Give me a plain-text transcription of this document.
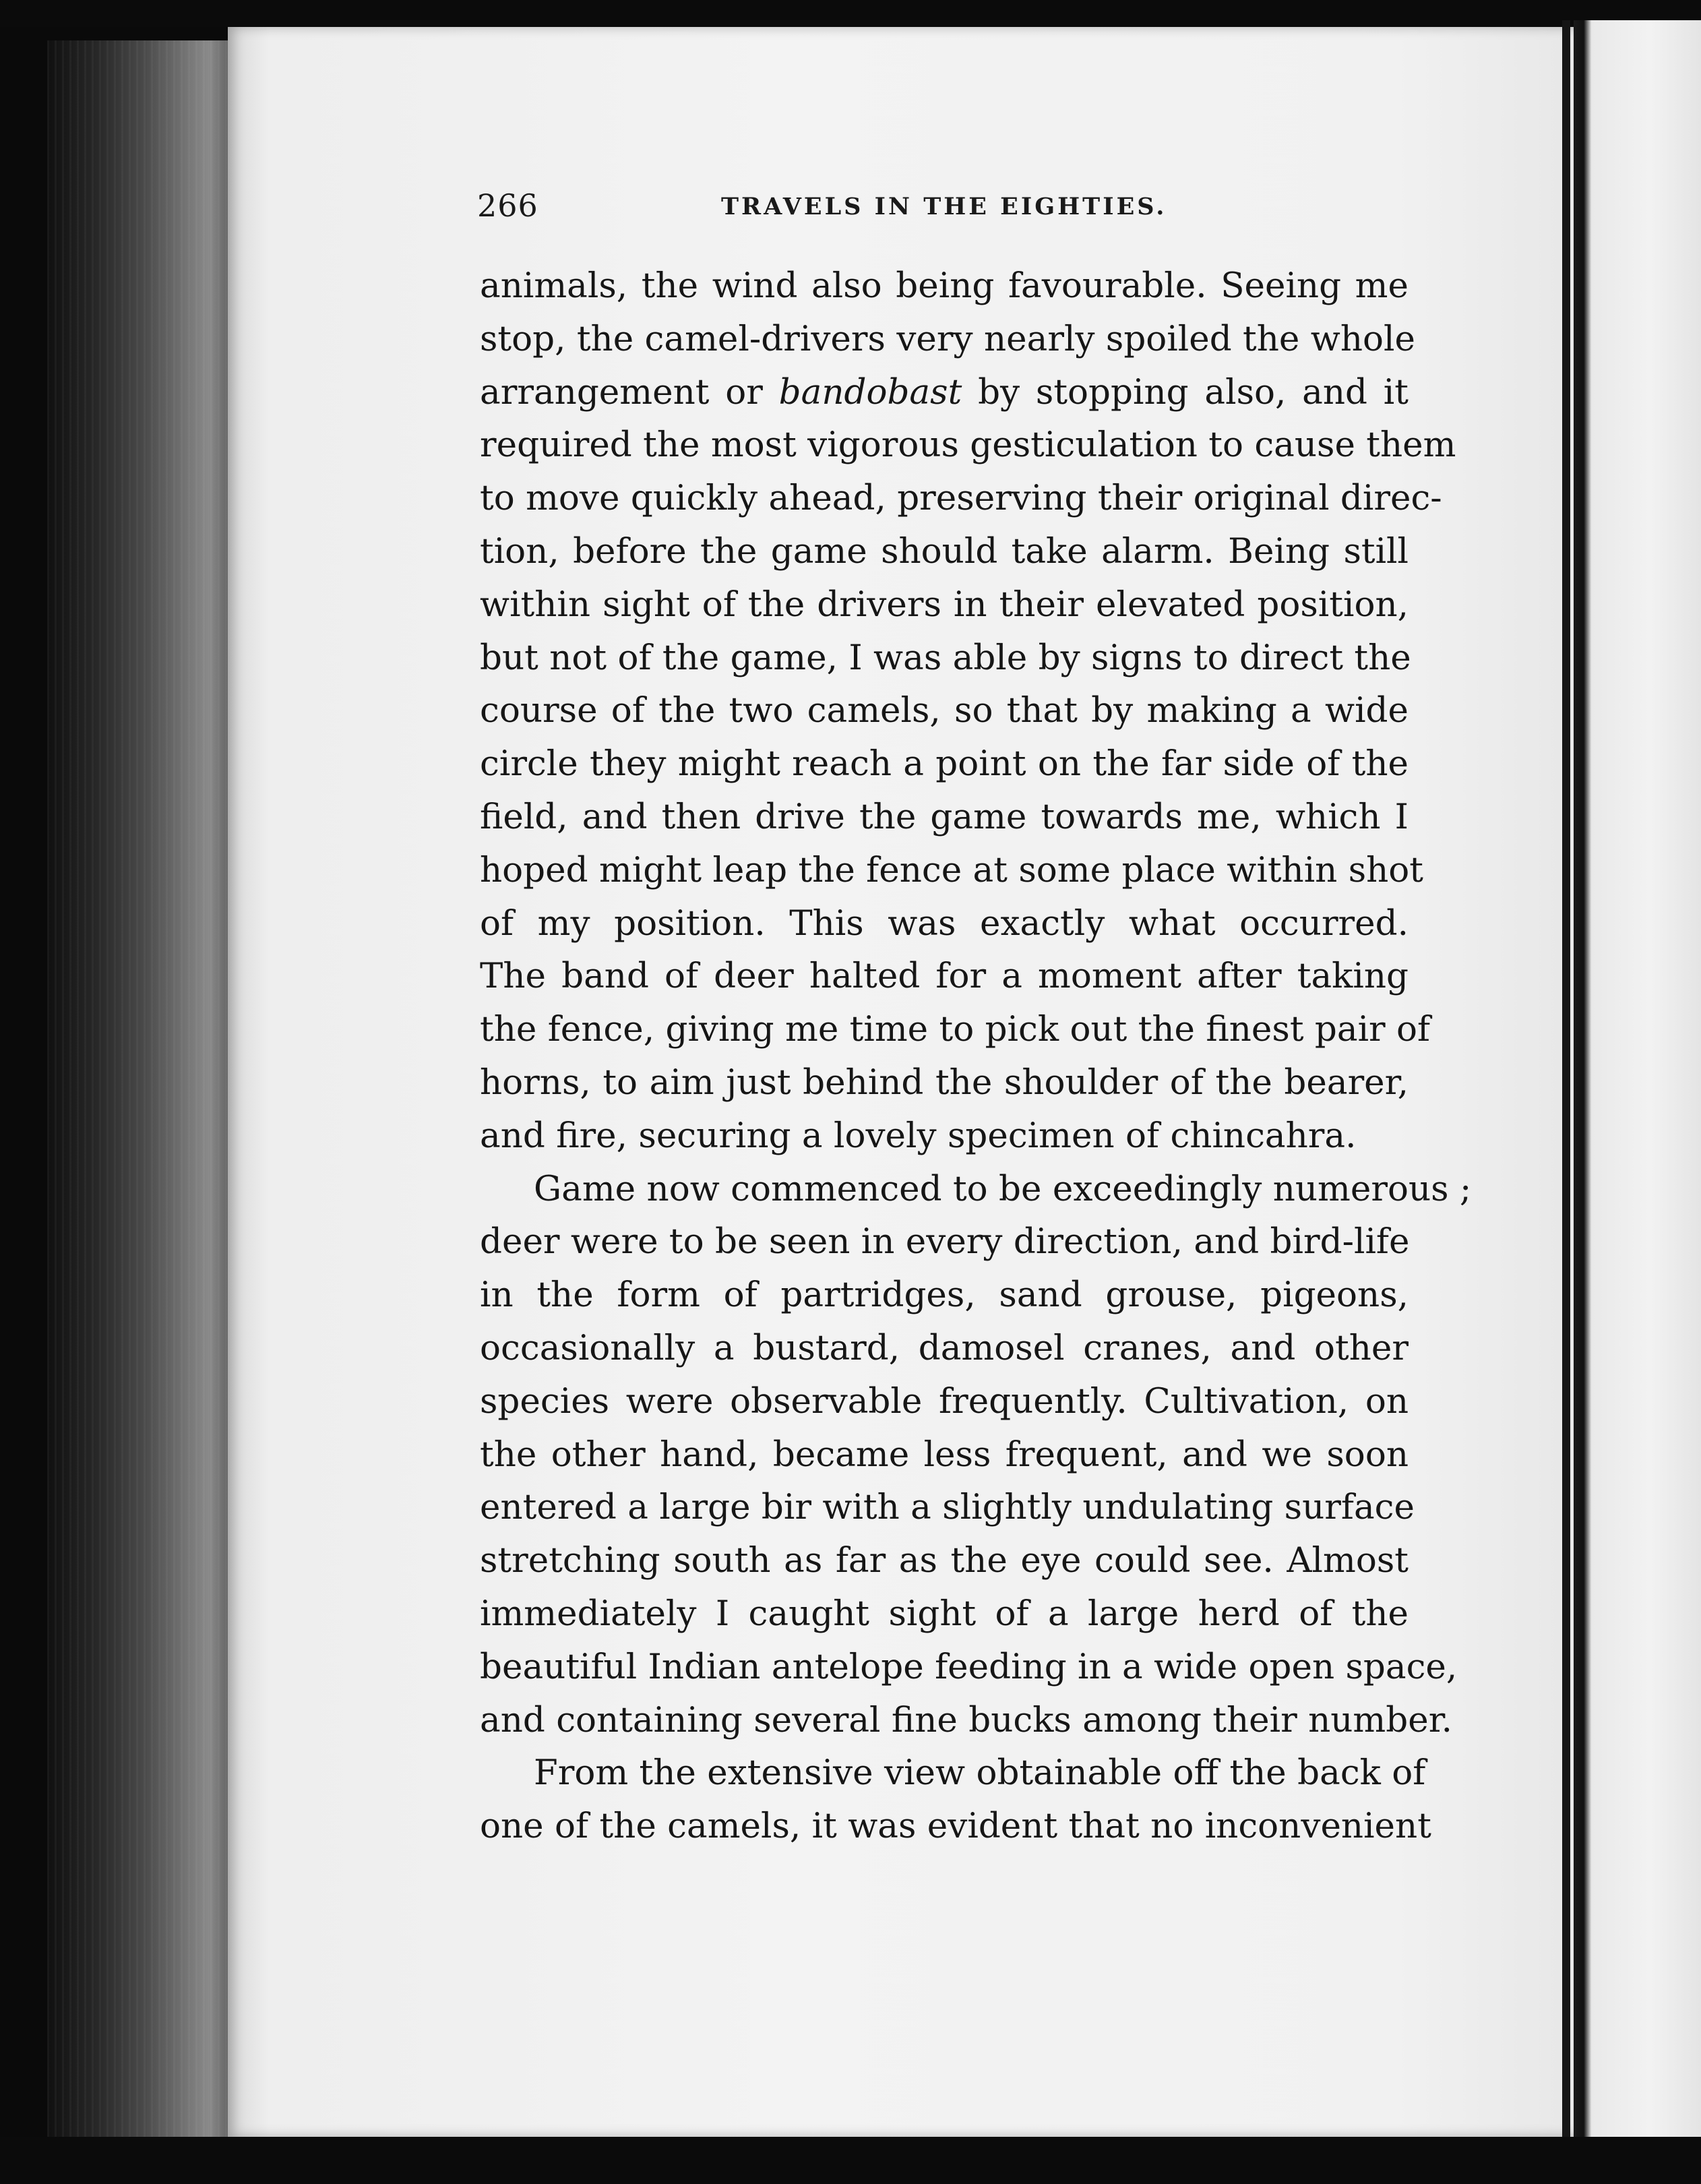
266	TRAVELS IN THE EIGHTIES.
animals, the wind also being favourable. Seeing me
stop, the camel-drivers very nearly spoiled the whole
arrangement or bandobast by stopping also, and it
required the most vigorous gesticulation to cause them
to move quickly ahead, preserving their original direc-
tion, before the game should take alarm. Being still
within sight of the drivers in their elevated position,
but not of the game, I was able by signs to direct the
course of the two camels, so that by making a wide
circle they might reach a point on the far side of the
field, and then drive the game towards me, which I
hoped might leap the fence at some place within shot
of my position. This was exactly what occurred.
The band of deer halted for a moment after taking
the fence, giving me time to pick out the finest pair of
horns, to aim just behind the shoulder of the bearer,
and fire, securing a lovely specimen of chincahra.
Game now commenced to be exceedingly numerous ;
deer were to be seen in every direction, and bird-life
in the form of partridges, sand grouse, pigeons,
occasionally a bustard, damosel cranes, and other
species were observable frequently. Cultivation, on
the other hand, became less frequent, and we soon
entered a large bir with a slightly undulating surface
stretching south as far as the eye could see. Almost
immediately I caught sight of a large herd of the
beautiful Indian antelope feeding in a wide open space,
and containing several fine bucks among their number.
From the extensive view obtainable off the back of
one of the camels, it was evident that no inconvenient
